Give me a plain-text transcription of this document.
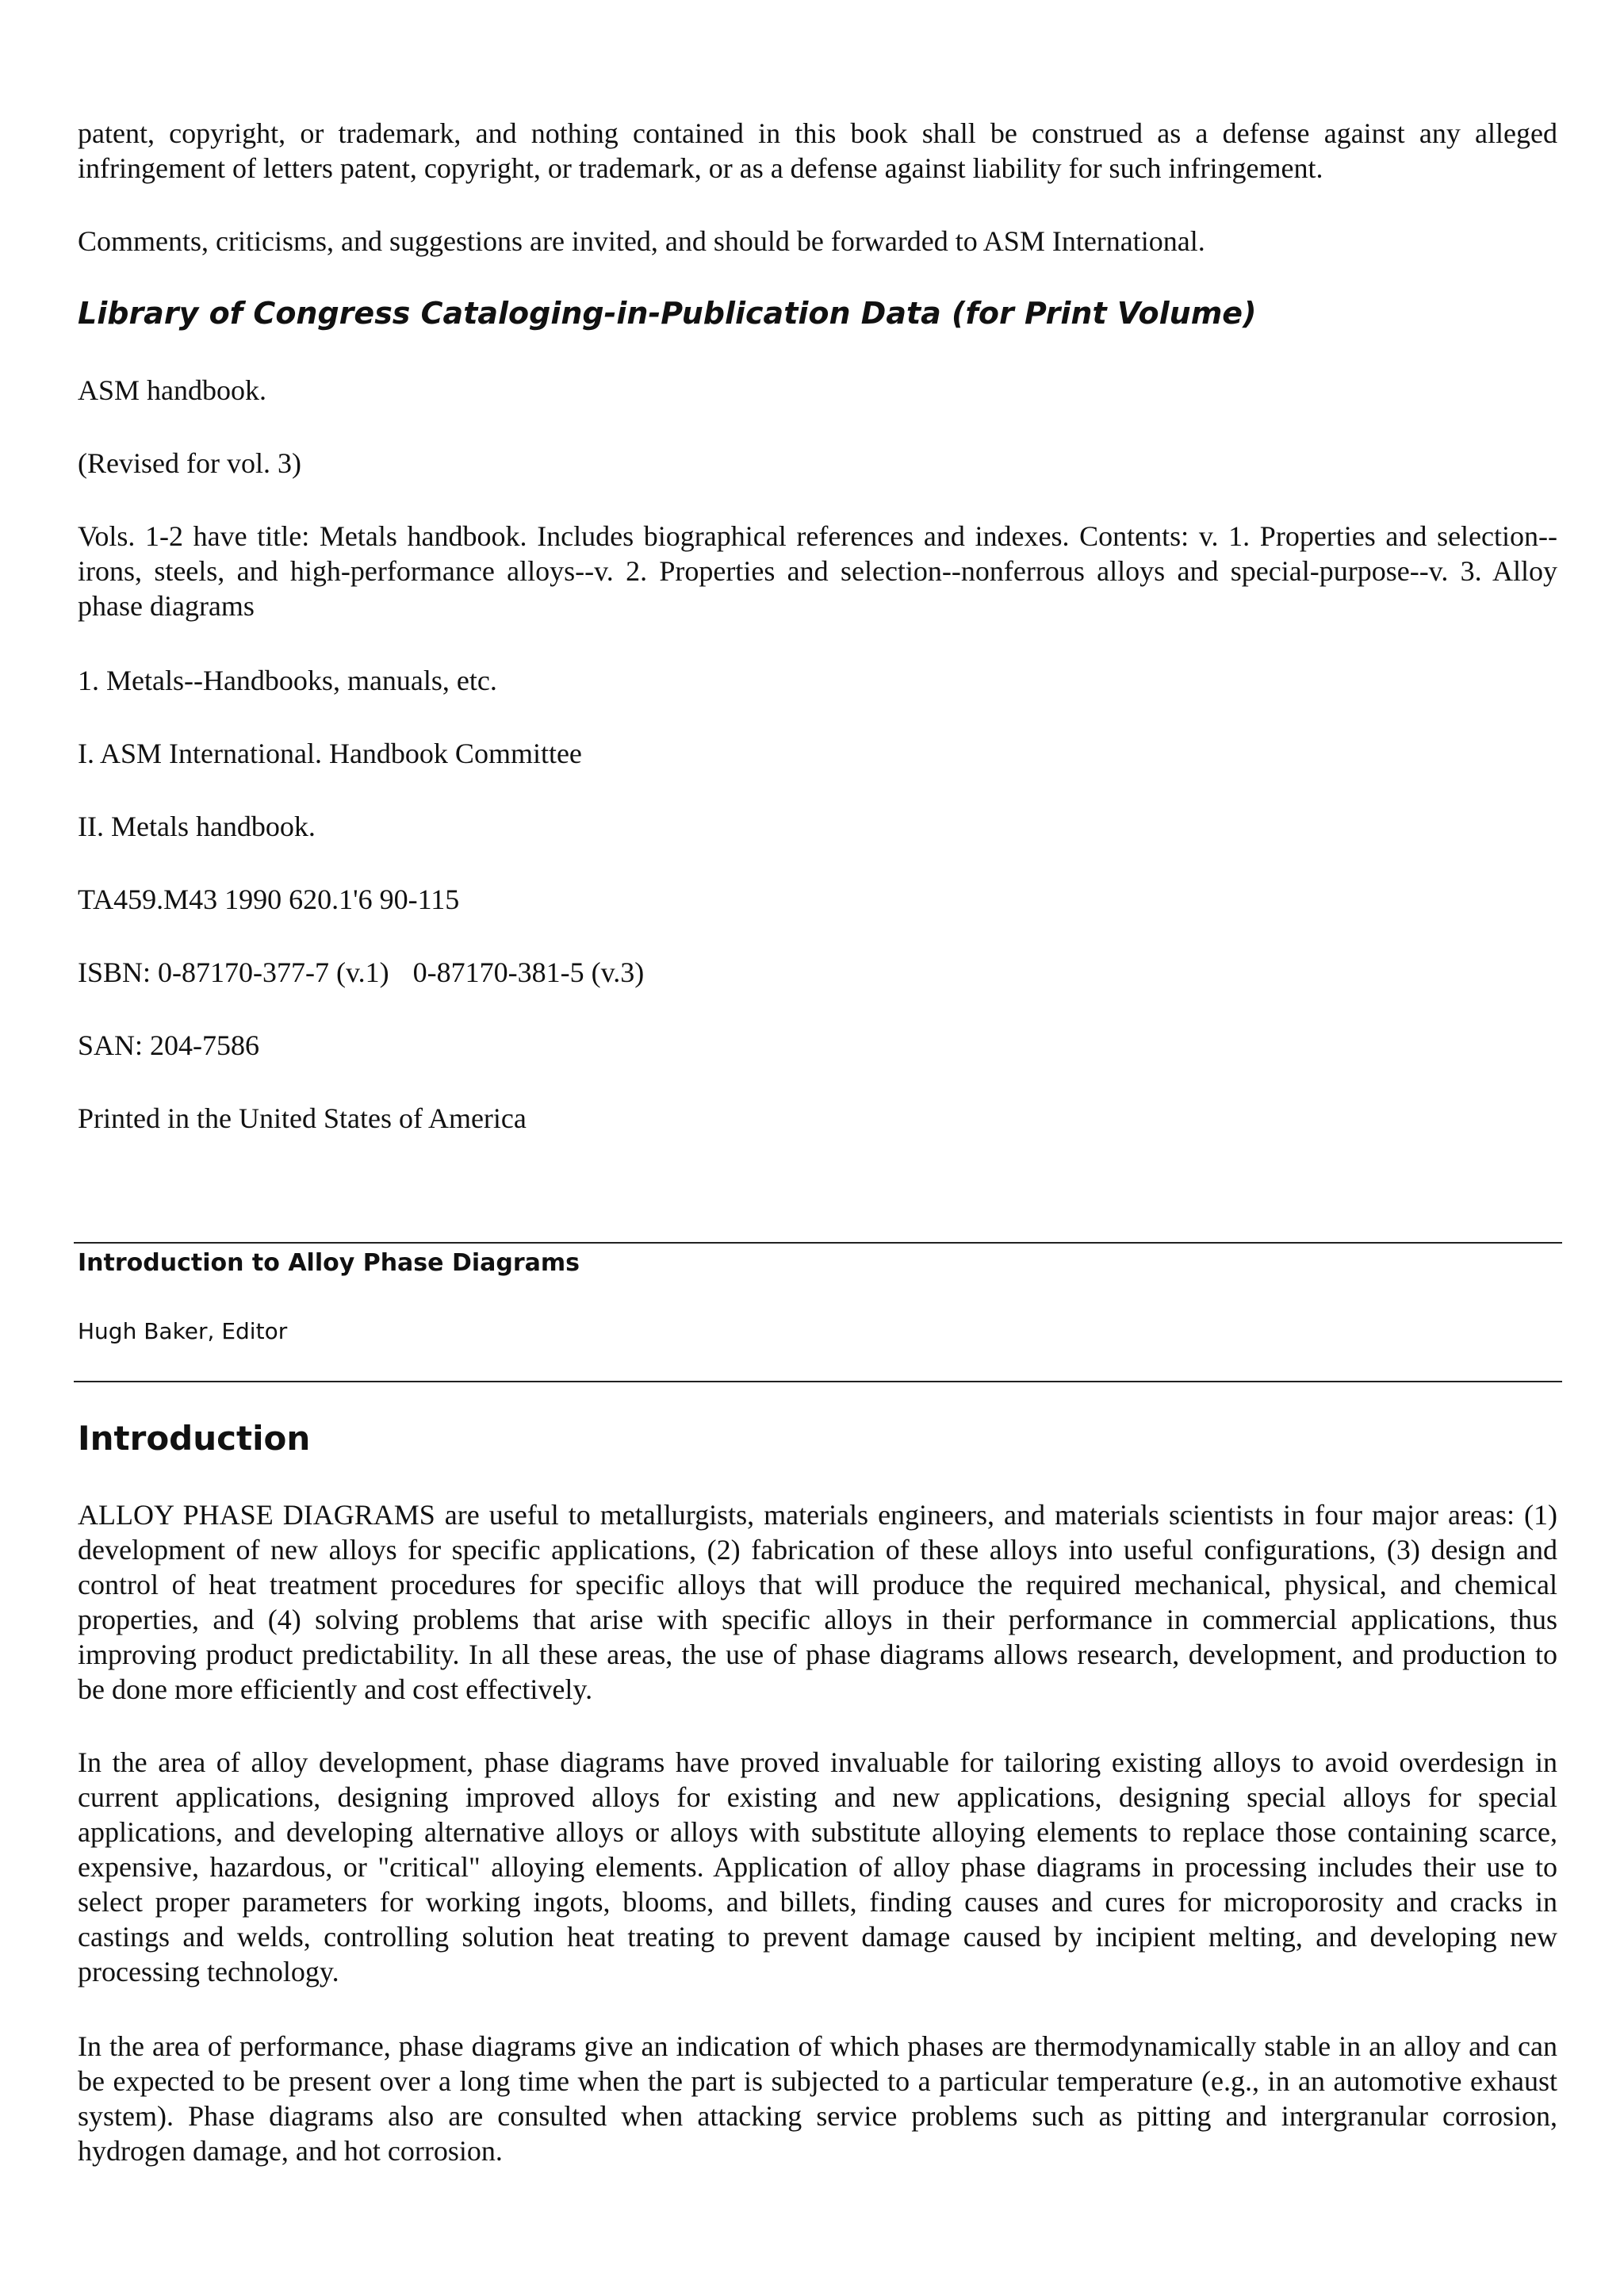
patent, copyright, or trademark, and nothing contained in this book shall be construed as a defense against any alleged infringement of letters patent, copyright, or trademark, or as a defense against liability for such infringement.

Comments, criticisms, and suggestions are invited, and should be forwarded to ASM International.

Library of Congress Cataloging-in-Publication Data (for Print Volume)

ASM handbook.

(Revised for vol. 3)

Vols. 1-2 have title: Metals handbook. Includes biographical references and indexes. Contents: v. 1. Properties and selection--irons, steels, and high-performance alloys--v. 2. Properties and selection--nonferrous alloys and special-purpose--v. 3. Alloy phase diagrams

1. Metals--Handbooks, manuals, etc.

I. ASM International. Handbook Committee

II. Metals handbook.

TA459.M43 1990 620.1'6 90-115

ISBN: 0-87170-377-7 (v.1) 0-87170-381-5 (v.3)

SAN: 204-7586

Printed in the United States of America

Introduction to Alloy Phase Diagrams

Hugh Baker, Editor

Introduction

ALLOY PHASE DIAGRAMS are useful to metallurgists, materials engineers, and materials scientists in four major areas: (1) development of new alloys for specific applications, (2) fabrication of these alloys into useful configurations, (3) design and control of heat treatment procedures for specific alloys that will produce the required mechanical, physical, and chemical properties, and (4) solving problems that arise with specific alloys in their performance in commercial applications, thus improving product predictability. In all these areas, the use of phase diagrams allows research, development, and production to be done more efficiently and cost effectively.

In the area of alloy development, phase diagrams have proved invaluable for tailoring existing alloys to avoid overdesign in current applications, designing improved alloys for existing and new applications, designing special alloys for special applications, and developing alternative alloys or alloys with substitute alloying elements to replace those containing scarce, expensive, hazardous, or "critical" alloying elements. Application of alloy phase diagrams in processing includes their use to select proper parameters for working ingots, blooms, and billets, finding causes and cures for microporosity and cracks in castings and welds, controlling solution heat treating to prevent damage caused by incipient melting, and developing new processing technology.

In the area of performance, phase diagrams give an indication of which phases are thermodynamically stable in an alloy and can be expected to be present over a long time when the part is subjected to a particular temperature (e.g., in an automotive exhaust system). Phase diagrams also are consulted when attacking service problems such as pitting and intergranular corrosion, hydrogen damage, and hot corrosion.
